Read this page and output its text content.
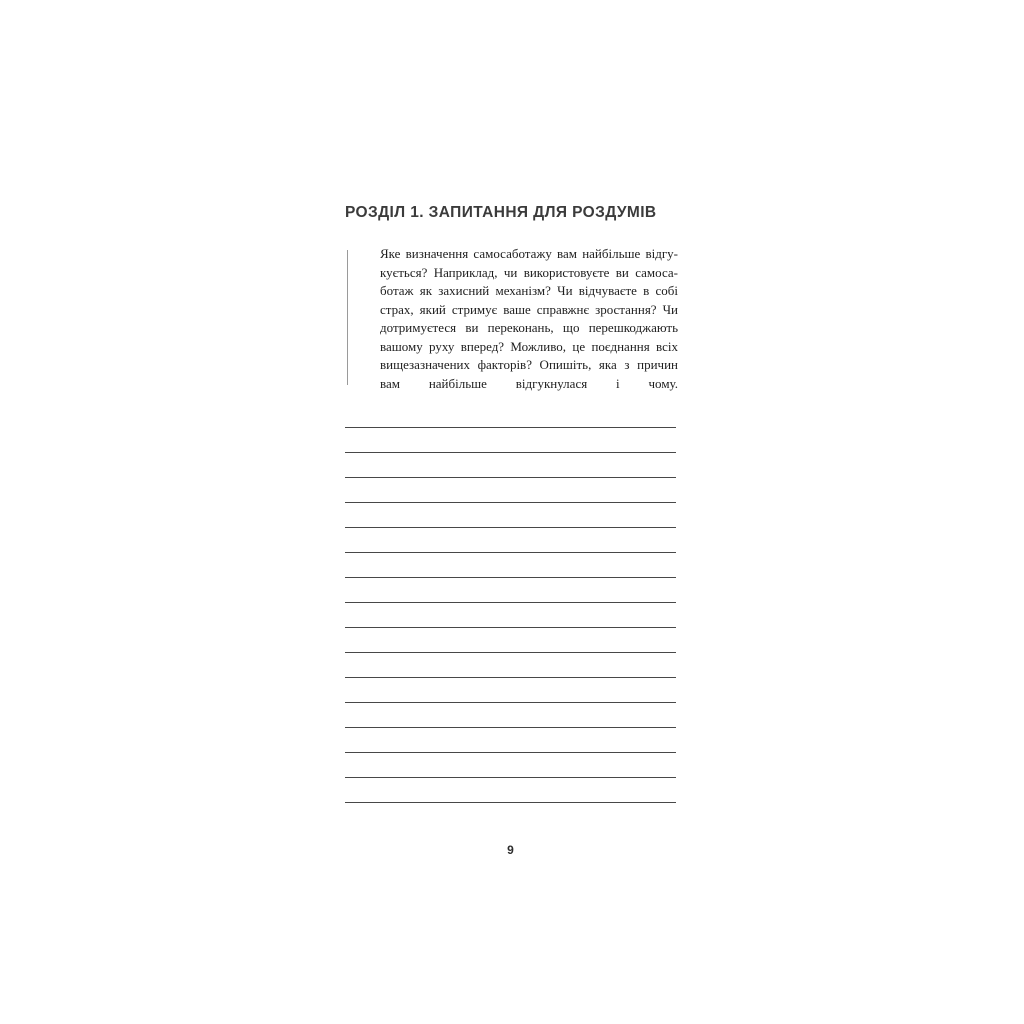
РОЗДІЛ 1. ЗАПИТАННЯ ДЛЯ РОЗДУМІВ
Яке визначення самосаботажу вам найбільше відгу-
кується? Наприклад, чи використовуєте ви самоса-
ботаж як захисний механізм? Чи відчуваєте в собі
страх, який стримує ваше справжнє зростання? Чи
дотримуєтеся ви переконань, що перешкоджають
вашому руху вперед? Можливо, це поєднання всіх
вищезазначених факторів? Опишіть, яка з причин
вам найбільше відгукнулася і чому.
9
